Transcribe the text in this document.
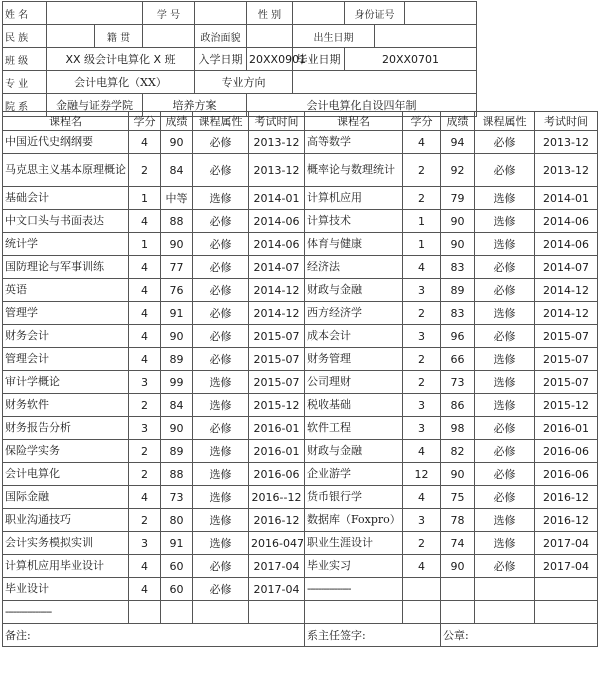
姓 名			学 号		性 别		身份证号		
民 族		籍 贯		政治面貌		出生日期			
班 级	XX 级会计电算化 X 班			入学日期	20XX0901	毕业日期	20XX0701		
专 业	会计电算化（XX）			专业方向					
院 系	金融与证券学院		培养方案		会计电算化自设四年制				
课程名	学分	成绩	课程属性	考试时间	课程名	学分	成绩	课程属性	考试时间
中国近代史纲纲要	4	90	必修	2013-12	高等数学	4	94	必修	2013-12
马克思主义基本原理概论	2	84	必修	2013-12	概率论与数理统计	2	92	必修	2013-12
基础会计	1	中等	选修	2014-01	计算机应用	2	79	选修	2014-01
中文口头与书面表达	4	88	必修	2014-06	计算技术	1	90	选修	2014-06
统计学	1	90	必修	2014-06	体育与健康	1	90	选修	2014-06
国防理论与军事训练	4	77	必修	2014-07	经济法	4	83	必修	2014-07
英语	4	76	必修	2014-12	财政与金融	3	89	必修	2014-12
管理学	4	91	必修	2014-12	西方经济学	2	83	选修	2014-12
财务会计	4	90	必修	2015-07	成本会计	3	96	必修	2015-07
管理会计	4	89	必修	2015-07	财务管理	2	66	选修	2015-07
审计学概论	3	99	选修	2015-07	公司理财	2	73	选修	2015-07
财务软件	2	84	选修	2015-12	税收基础	3	86	选修	2015-12
财务报告分析	3	90	必修	2016-01	软件工程	3	98	必修	2016-01
保险学实务	2	89	选修	2016-01	财政与金融	4	82	必修	2016-06
会计电算化	2	88	选修	2016-06	企业游学	12	90	必修	2016-06
国际金融	4	73	选修	2016--12	货币银行学	4	75	必修	2016-12
职业沟通技巧	2	80	选修	2016-12	数据库（Foxpro）	3	78	选修	2016-12
会计实务模拟实训	3	91	选修	2016-047	职业生涯设计	2	74	选修	2017-04
计算机应用毕业设计	4	60	必修	2017-04	毕业实习	4	90	必修	2017-04
毕业设计	4	60	必修	2017-04	----------------				
-----------------									
备注:					系主任签字:		公章:		
